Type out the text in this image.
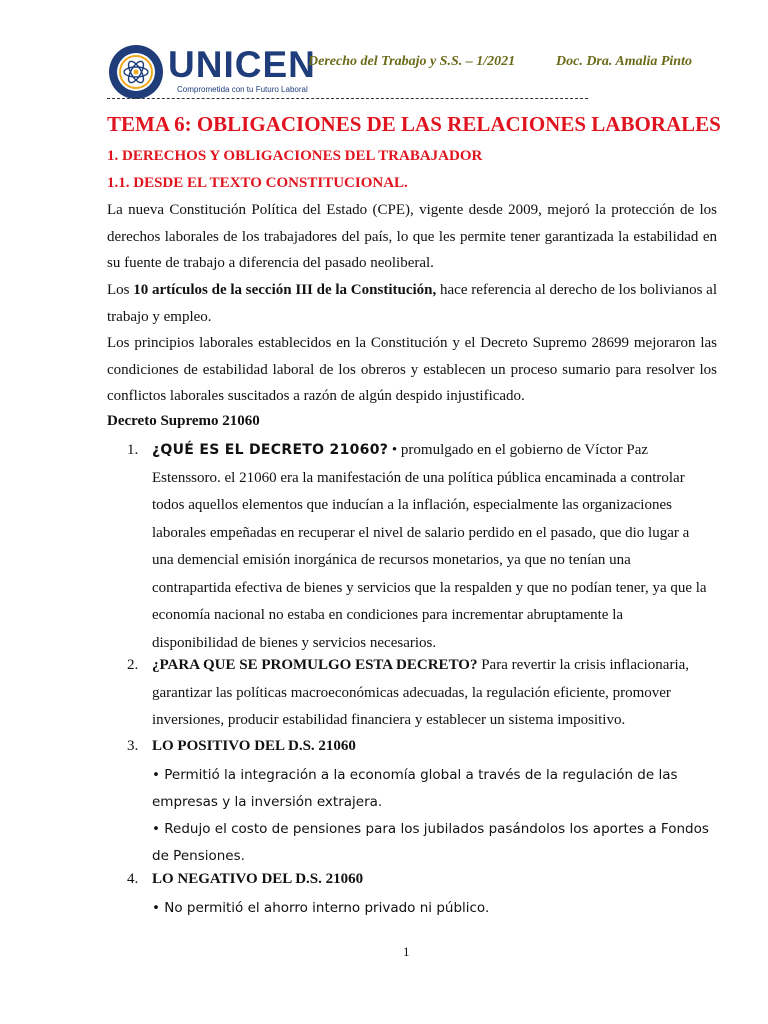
UNICEN
Comprometida con tu Futuro Laboral
Derecho del Trabajo y S.S. – 1/2021	Doc. Dra. Amalia Pinto
TEMA 6: OBLIGACIONES DE LAS RELACIONES LABORALES
1. DERECHOS Y OBLIGACIONES DEL TRABAJADOR
1.1. DESDE EL TEXTO CONSTITUCIONAL.
La nueva Constitución Política del Estado (CPE), vigente desde 2009, mejoró la protección de los derechos laborales de los trabajadores del país, lo que les permite tener garantizada la estabilidad en su fuente de trabajo a diferencia del pasado neoliberal.
Los 10 artículos de la sección III de la Constitución, hace referencia al derecho de los bolivianos al trabajo y empleo.
Los principios laborales establecidos en la Constitución y el Decreto Supremo 28699 mejoraron las condiciones de estabilidad laboral de los obreros y establecen un proceso sumario para resolver los conflictos laborales suscitados a razón de algún despido injustificado.
Decreto Supremo 21060
1. ¿QUÉ ES EL DECRETO 21060? • promulgado en el gobierno de Víctor Paz Estenssoro. el 21060 era la manifestación de una política pública encaminada a controlar todos aquellos elementos que inducían a la inflación, especialmente las organizaciones laborales empeñadas en recuperar el nivel de salario perdido en el pasado, que dio lugar a una demencial emisión inorgánica de recursos monetarios, ya que no tenían una contrapartida efectiva de bienes y servicios que la respalden y que no podían tener, ya que la economía nacional no estaba en condiciones para incrementar abruptamente la disponibilidad de bienes y servicios necesarios.
2. ¿PARA QUE SE PROMULGO ESTA DECRETO? Para revertir la crisis inflacionaria, garantizar las políticas macroeconómicas adecuadas, la regulación eficiente, promover inversiones, producir estabilidad financiera y establecer un sistema impositivo.
3. LO POSITIVO DEL D.S. 21060
• Permitió la integración a la economía global a través de la regulación de las empresas y la inversión extrajera.
• Redujo el costo de pensiones para los jubilados pasándolos los aportes a Fondos de Pensiones.
4. LO NEGATIVO DEL D.S. 21060
• No permitió el ahorro interno privado ni público.
1
